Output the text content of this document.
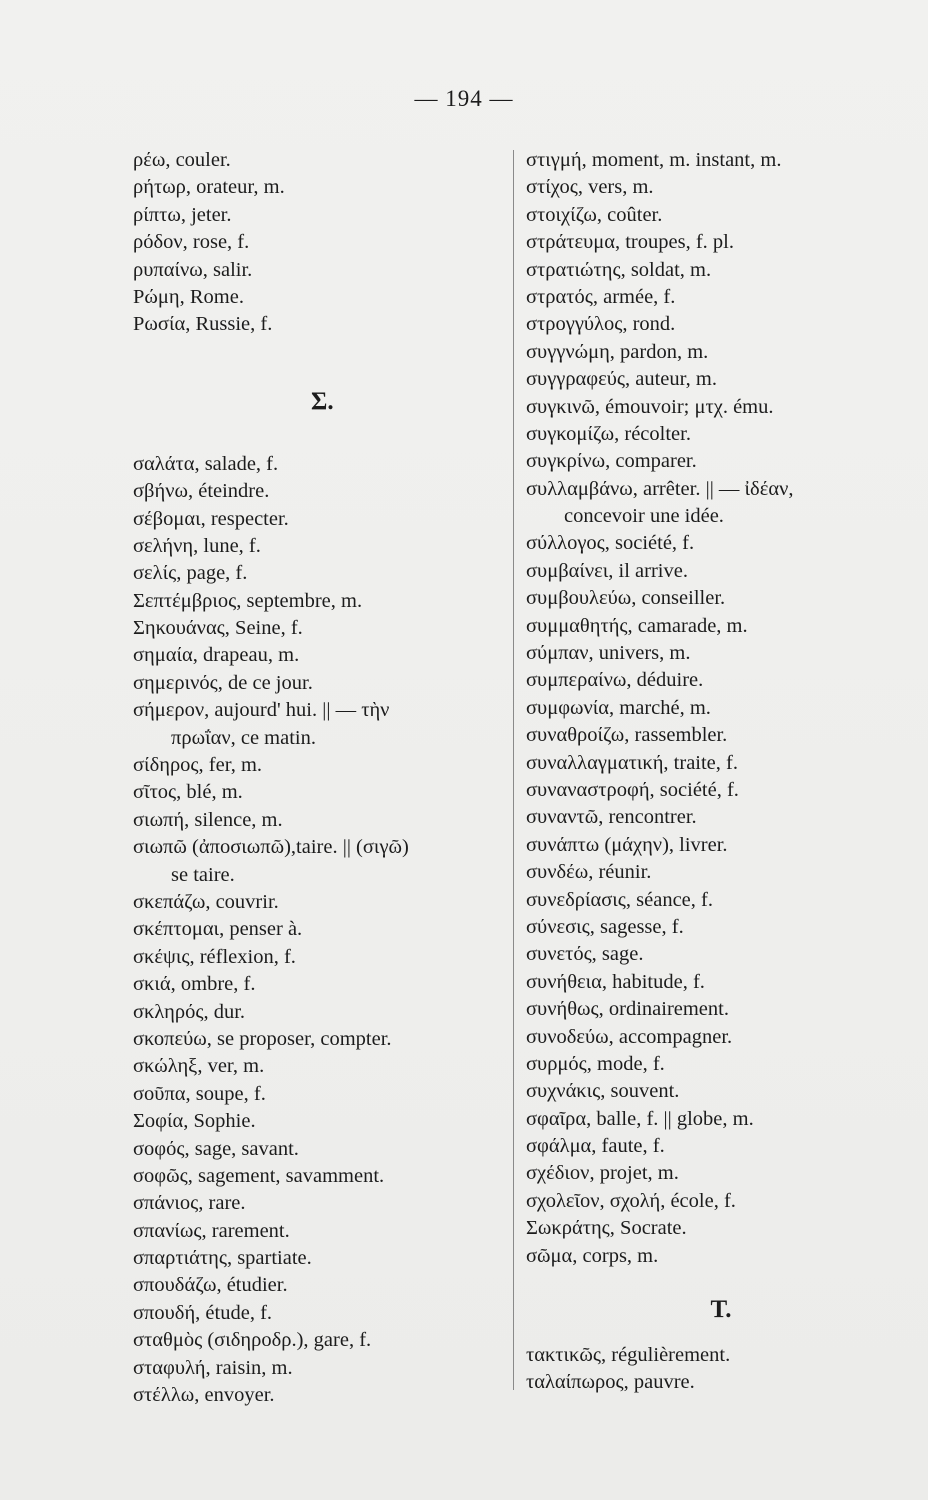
— 194 —
ρέω, couler.
ρήτωρ, orateur, m.
ρίπτω, jeter.
ρόδον, rose, f.
ρυπαίνω, salir.
Ρώμη, Rome.
Ρωσία, Russie, f.
Σ.
σαλάτα, salade, f.
σβήνω, éteindre.
σέβομαι, respecter.
σελήνη, lune, f.
σελίς, page, f.
Σεπτέμβριος, septembre, m.
Σηκουάνας, Seine, f.
σημαία, drapeau, m.
σημερινός, de ce jour.
σήμερον, aujourd' hui. || — τὴν
πρωΐαν, ce matin.
σίδηρος, fer, m.
σῖτος, blé, m.
σιωπή, silence, m.
σιωπῶ (ἀποσιωπῶ),taire. || (σιγῶ)
se taire.
σκεπάζω, couvrir.
σκέπτομαι, penser à.
σκέψις, réflexion, f.
σκιά, ombre, f.
σκληρός, dur.
σκοπεύω, se proposer, compter.
σκώληξ, ver, m.
σοῦπα, soupe, f.
Σοφία, Sophie.
σοφός, sage, savant.
σοφῶς, sagement, savamment.
σπάνιος, rare.
σπανίως, rarement.
σπαρτιάτης, spartiate.
σπουδάζω, étudier.
σπουδή, étude, f.
σταθμὸς (σιδηροδρ.), gare, f.
σταφυλή, raisin, m.
στέλλω, envoyer.
στιγμή, moment, m. instant, m.
στίχος, vers, m.
στοιχίζω, coûter.
στράτευμα, troupes, f. pl.
στρατιώτης, soldat, m.
στρατός, armée, f.
στρογγύλος, rond.
συγγνώμη, pardon, m.
συγγραφεύς, auteur, m.
συγκινῶ, émouvoir; μτχ. ému.
συγκομίζω, récolter.
συγκρίνω, comparer.
συλλαμβάνω, arrêter. || — ἰδέαν,
concevoir une idée.
σύλλογος, société, f.
συμβαίνει, il arrive.
συμβουλεύω, conseiller.
συμμαθητής, camarade, m.
σύμπαν, univers, m.
συμπεραίνω, déduire.
συμφωνία, marché, m.
συναθροίζω, rassembler.
συναλλαγματική, traite, f.
συναναστροφή, société, f.
συναντῶ, rencontrer.
συνάπτω (μάχην), livrer.
συνδέω, réunir.
συνεδρίασις, séance, f.
σύνεσις, sagesse, f.
συνετός, sage.
συνήθεια, habitude, f.
συνήθως, ordinairement.
συνοδεύω, accompagner.
συρμός, mode, f.
συχνάκις, souvent.
σφαῖρα, balle, f. || globe, m.
σφάλμα, faute, f.
σχέδιον, projet, m.
σχολεῖον, σχολή, école, f.
Σωκράτης, Socrate.
σῶμα, corps, m.
Τ.
τακτικῶς, régulièrement.
ταλαίπωρος, pauvre.
